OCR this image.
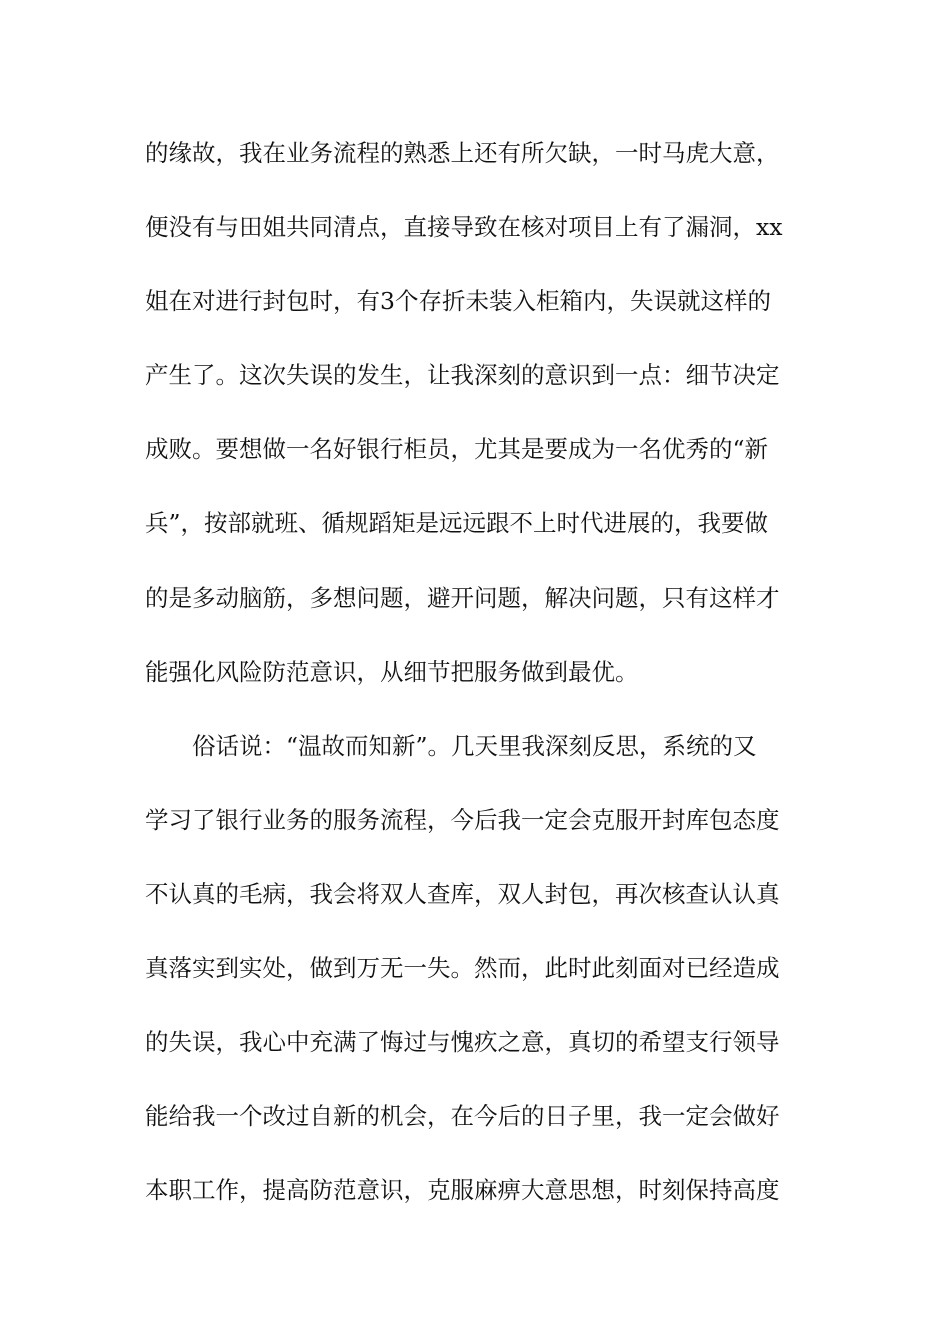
的缘故，我在业务流程的熟悉上还有所欠缺，一时马虎大意，
便没有与田姐共同清点，直接导致在核对项目上有了漏洞，xx
姐在对进行封包时，有3个存折未装入柜箱内，失误就这样的
产生了。这次失误的发生，让我深刻的意识到一点：细节决定
成败。要想做一名好银行柜员，尤其是要成为一名优秀的“新
兵”，按部就班、循规蹈矩是远远跟不上时代进展的，我要做
的是多动脑筋，多想问题，避开问题，解决问题，只有这样才
能强化风险防范意识，从细节把服务做到最优。
俗话说：“温故而知新”。几天里我深刻反思，系统的又
学习了银行业务的服务流程，今后我一定会克服开封库包态度
不认真的毛病，我会将双人查库，双人封包，再次核查认认真
真落实到实处，做到万无一失。然而，此时此刻面对已经造成
的失误，我心中充满了悔过与愧疚之意，真切的希望支行领导
能给我一个改过自新的机会，在今后的日子里，我一定会做好
本职工作，提高防范意识，克服麻痹大意思想，时刻保持高度
